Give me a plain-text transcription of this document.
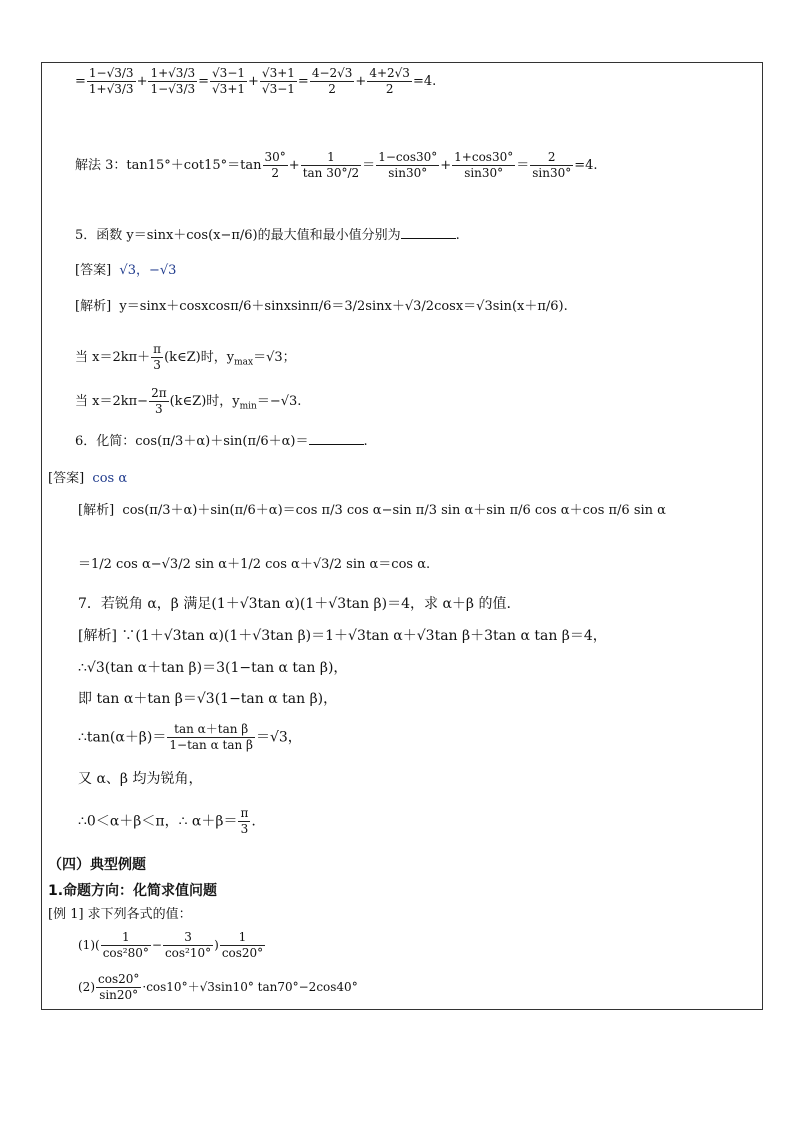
= $\frac{1-√3/3}{1+√3/3} + \frac{1+√3/3}{1-√3/3} = \frac{√3-1}{√3+1} + \frac{√3+1}{√3-1} = \frac{4-2√3}{2} + \frac{4+2√3}{2} =4$.
解法 3：$\tan 15^\circ+\cot 15^\circ=\tan \frac{30^\circ}{2} + \frac{1}{\tan 30^\circ/2} = \frac{1-\cos 30^\circ}{\sin 30^\circ} + \frac{1+\cos 30^\circ}{\sin 30^\circ} = \frac{2}{\sin 30^\circ} =4$.
5．函数 y＝sinx＋cos(x−π/6)的最大值和最小值分别为	.
[答案] √3，−√3
[解析] y＝sinx＋cosxcosπ/6＋sinxsinπ/6＝3/2sinx＋√3/2cosx＝√3sin(x＋π/6).
当 $x=2k\pi+ \frac{\pi}{3}$ (k∈Z)时，$y_{max}=√3$；
当 $x=2k\pi- \frac{2\pi}{3}$ (k∈Z)时，$y_{min}=-√3$.
6．化简：cos(π/3＋α)＋sin(π/6＋α)＝	.
[答案] cos α
[解析] cos(π/3＋α)＋sin(π/6＋α)＝cos π/3 cos α−sin π/3 sin α＋sin π/6 cos α＋cos π/6 sin α
＝1/2 cos α−√3/2 sin α＋1/2 cos α＋√3/2 sin α＝cos α.
7．若锐角 α，β 满足(1＋√3tan α)(1＋√3tan β)＝4，求 α＋β 的值.
[解析] ∵(1＋√3tan α)(1＋√3tan β)＝1＋√3tan α＋√3tan β＋3tan α tan β＝4，
∴√3(tan α＋tan β)＝3(1−tan α tan β)，
即 tan α＋tan β＝√3(1−tan α tan β)，
∴tan(α＋β)＝ $\frac{\text{tan α＋tan β}}{\text{1−tan α tan β}} =√3$，
又 α、β 均为锐角，
∴0＜α＋β＜π，∴ $\alpha+\beta= \frac{\pi}{3}$ .
（四）典型例题
1.命题方向：化简求值问题
[例 1] 求下列各式的值：
$(1)( \frac{1}{\text{cos²80°}} - \frac{3}{\text{cos²10°}}$ ) $\frac{1}{\cos 20^\circ}$
$(2) \frac{\cos 20^\circ}{\sin 20^\circ} \cdot\cos 10^\circ+√3\sin 10^\circ$ tan70°−2cos40°
